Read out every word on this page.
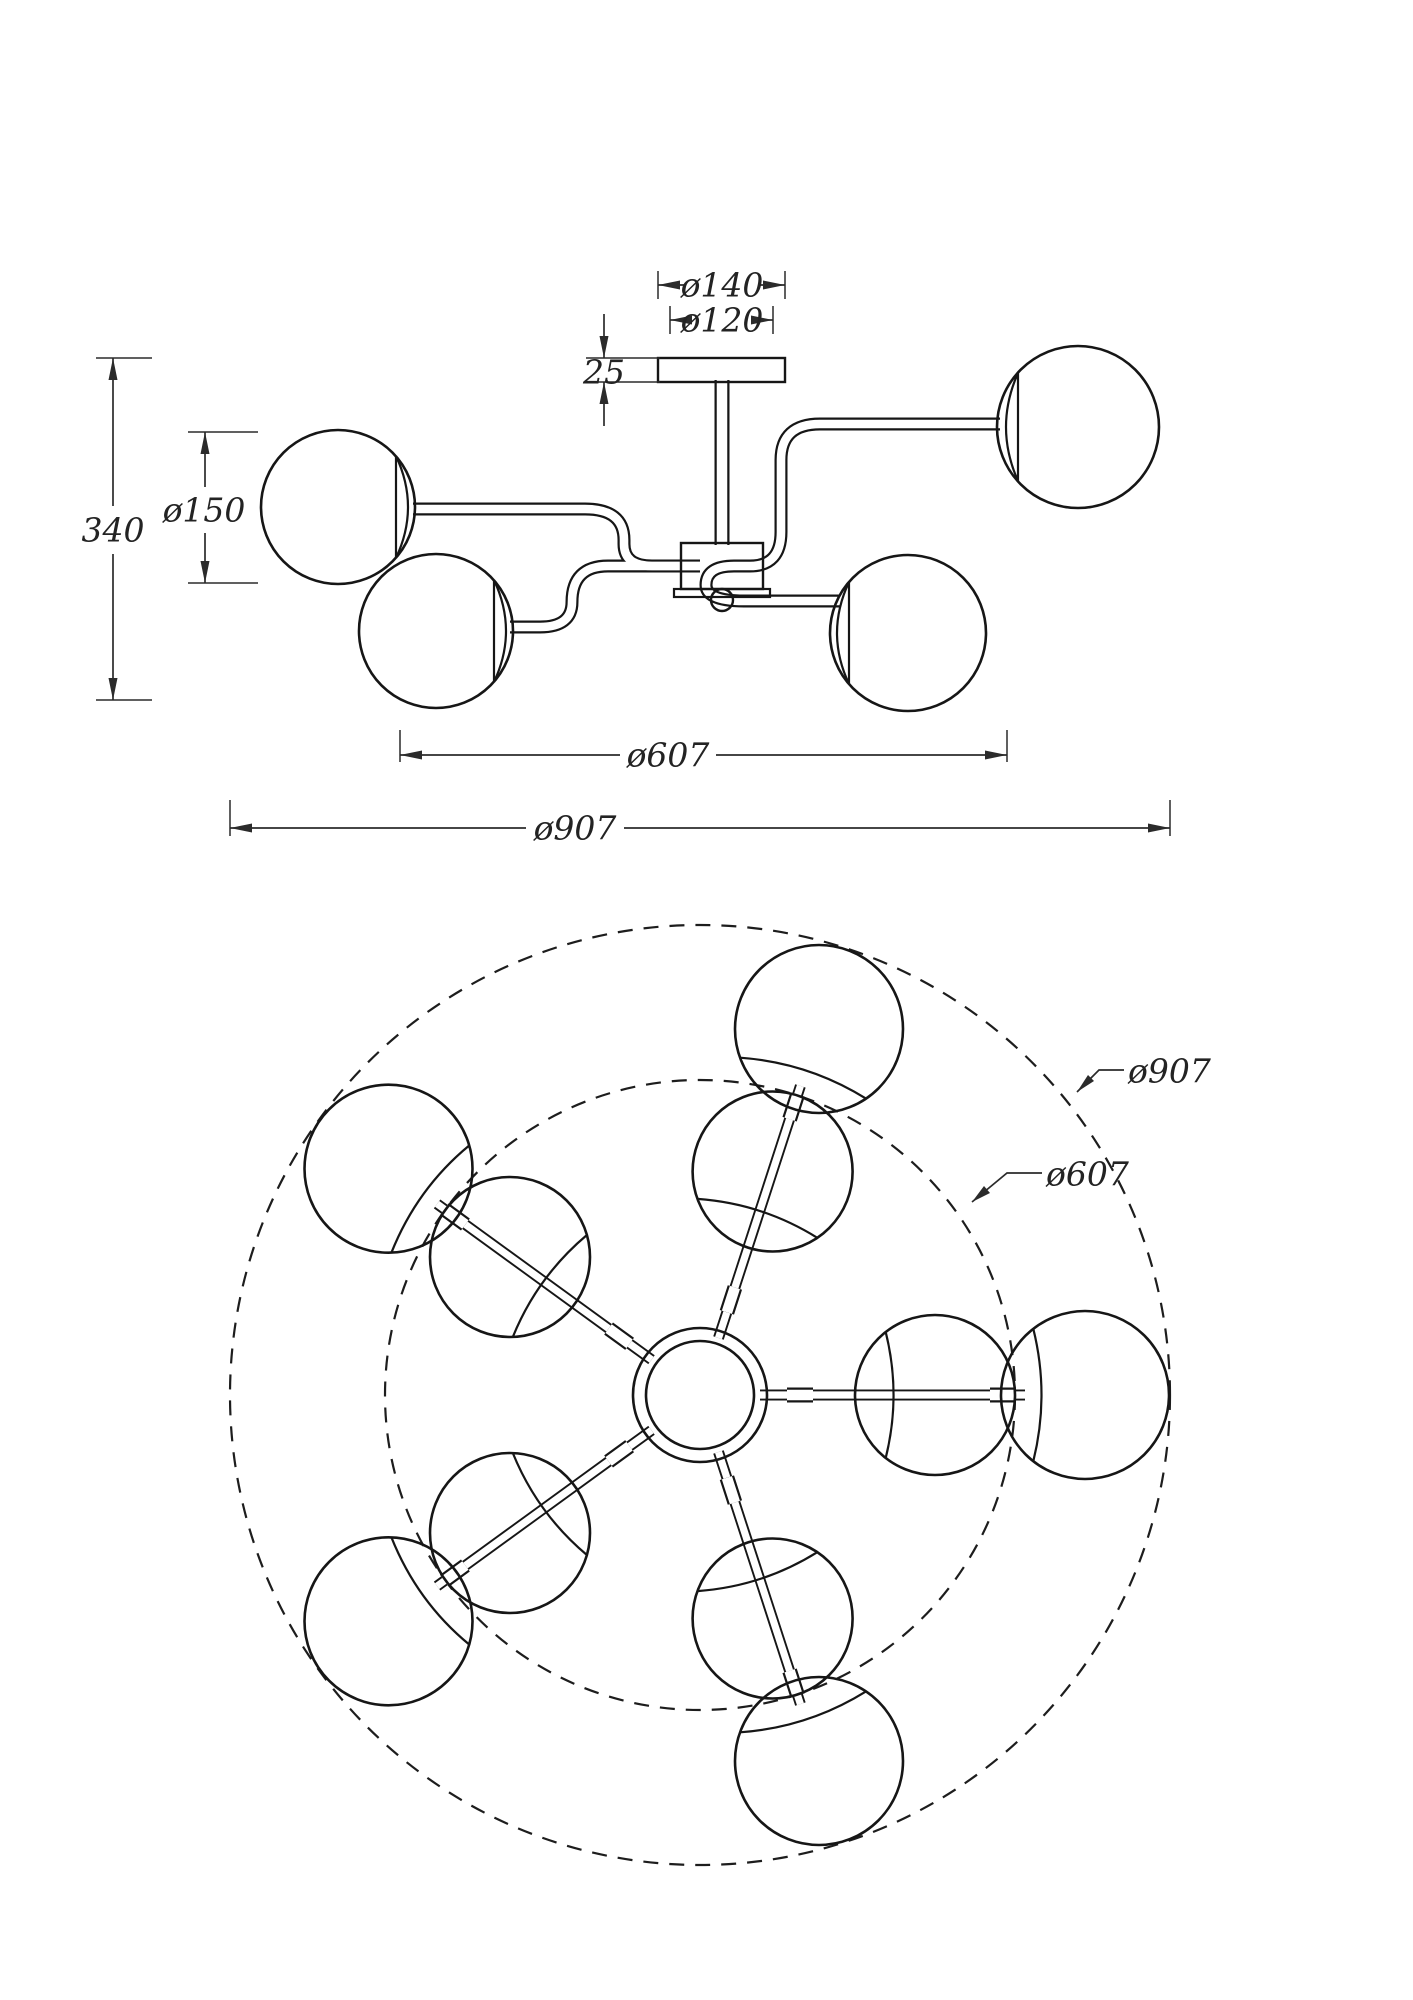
ø140
ø120
25
340
ø150
ø607
ø907
ø907
ø607
